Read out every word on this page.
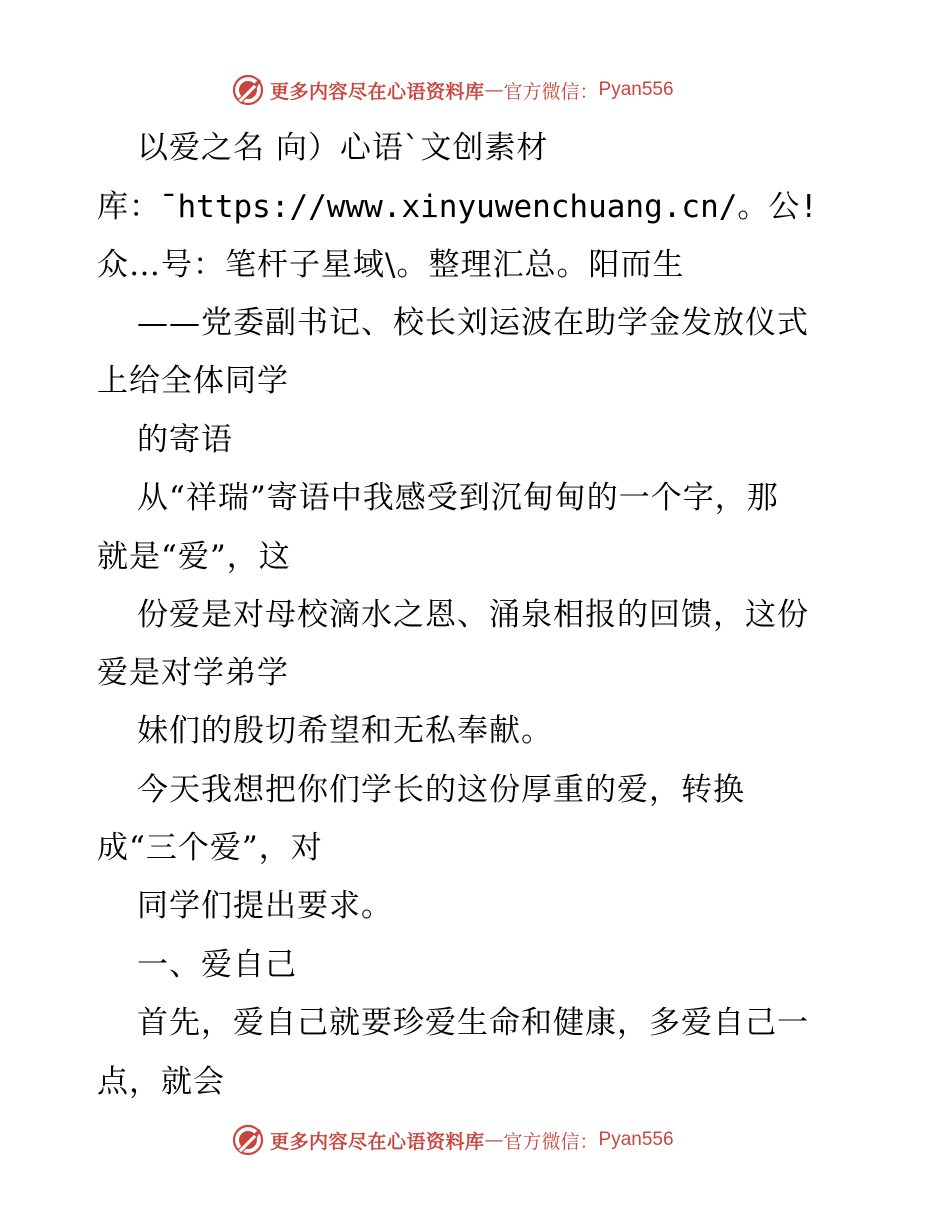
更多内容尽在心语资料库 — 官方微信： Pyan556
以爱之名 向）心语`文创素材
库：¯https://www.xinyuwenchuang.cn/。公!
众…号：笔杆子星域\。整理汇总。阳而生
——党委副书记、校长刘运波在助学金发放仪式
上给全体同学
的寄语
从“祥瑞”寄语中我感受到沉甸甸的一个字，那
就是“爱”，这
份爱是对母校滴水之恩、涌泉相报的回馈，这份
爱是对学弟学
妹们的殷切希望和无私奉献。
今天我想把你们学长的这份厚重的爱，转换
成“三个爱”，对
同学们提出要求。
一、爱自己
首先，爱自己就要珍爱生命和健康，多爱自己一
点，就会
更多内容尽在心语资料库 — 官方微信： Pyan556
